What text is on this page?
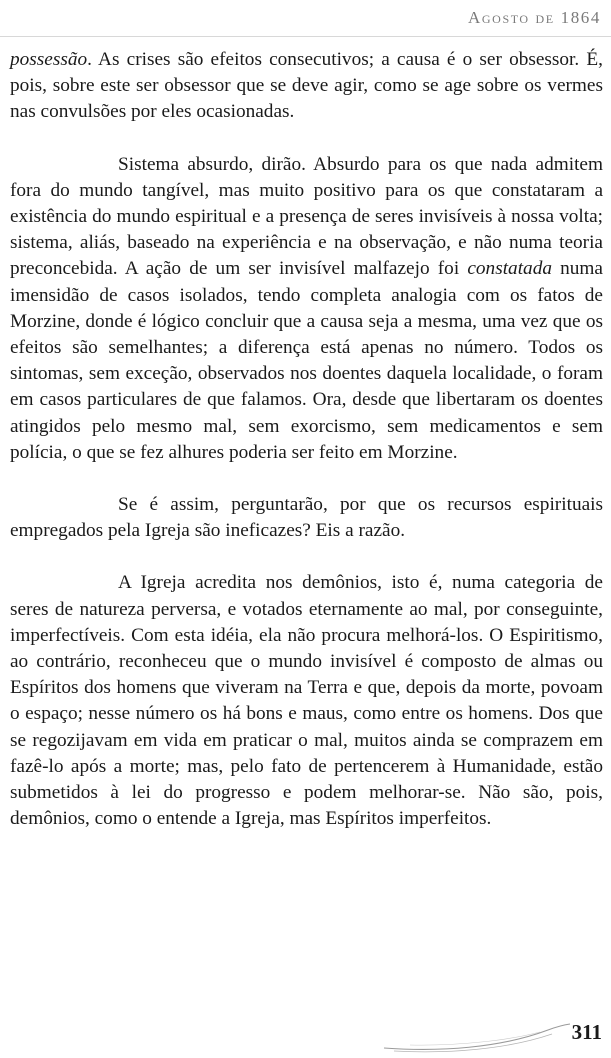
Agosto de 1864

possessão. As crises são efeitos consecutivos; a causa é o ser obsessor. É, pois, sobre este ser obsessor que se deve agir, como se age sobre os vermes nas convulsões por eles ocasionadas.

Sistema absurdo, dirão. Absurdo para os que nada admitem fora do mundo tangível, mas muito positivo para os que constataram a existência do mundo espiritual e a presença de seres invisíveis à nossa volta; sistema, aliás, baseado na experiência e na observação, e não numa teoria preconcebida. A ação de um ser invisível malfazejo foi constatada numa imensidão de casos isolados, tendo completa analogia com os fatos de Morzine, donde é lógico concluir que a causa seja a mesma, uma vez que os efeitos são semelhantes; a diferença está apenas no número. Todos os sintomas, sem exceção, observados nos doentes daquela localidade, o foram em casos particulares de que falamos. Ora, desde que libertaram os doentes atingidos pelo mesmo mal, sem exorcismo, sem medicamentos e sem polícia, o que se fez alhures poderia ser feito em Morzine.

Se é assim, perguntarão, por que os recursos espirituais empregados pela Igreja são ineficazes? Eis a razão.

A Igreja acredita nos demônios, isto é, numa categoria de seres de natureza perversa, e votados eternamente ao mal, por conseguinte, imperfectíveis. Com esta idéia, ela não procura melhorá-los. O Espiritismo, ao contrário, reconheceu que o mundo invisível é composto de almas ou Espíritos dos homens que viveram na Terra e que, depois da morte, povoam o espaço; nesse número os há bons e maus, como entre os homens. Dos que se regozijavam em vida em praticar o mal, muitos ainda se comprazem em fazê-lo após a morte; mas, pelo fato de pertencerem à Humanidade, estão submetidos à lei do progresso e podem melhorar-se. Não são, pois, demônios, como o entende a Igreja, mas Espíritos imperfeitos.

311
